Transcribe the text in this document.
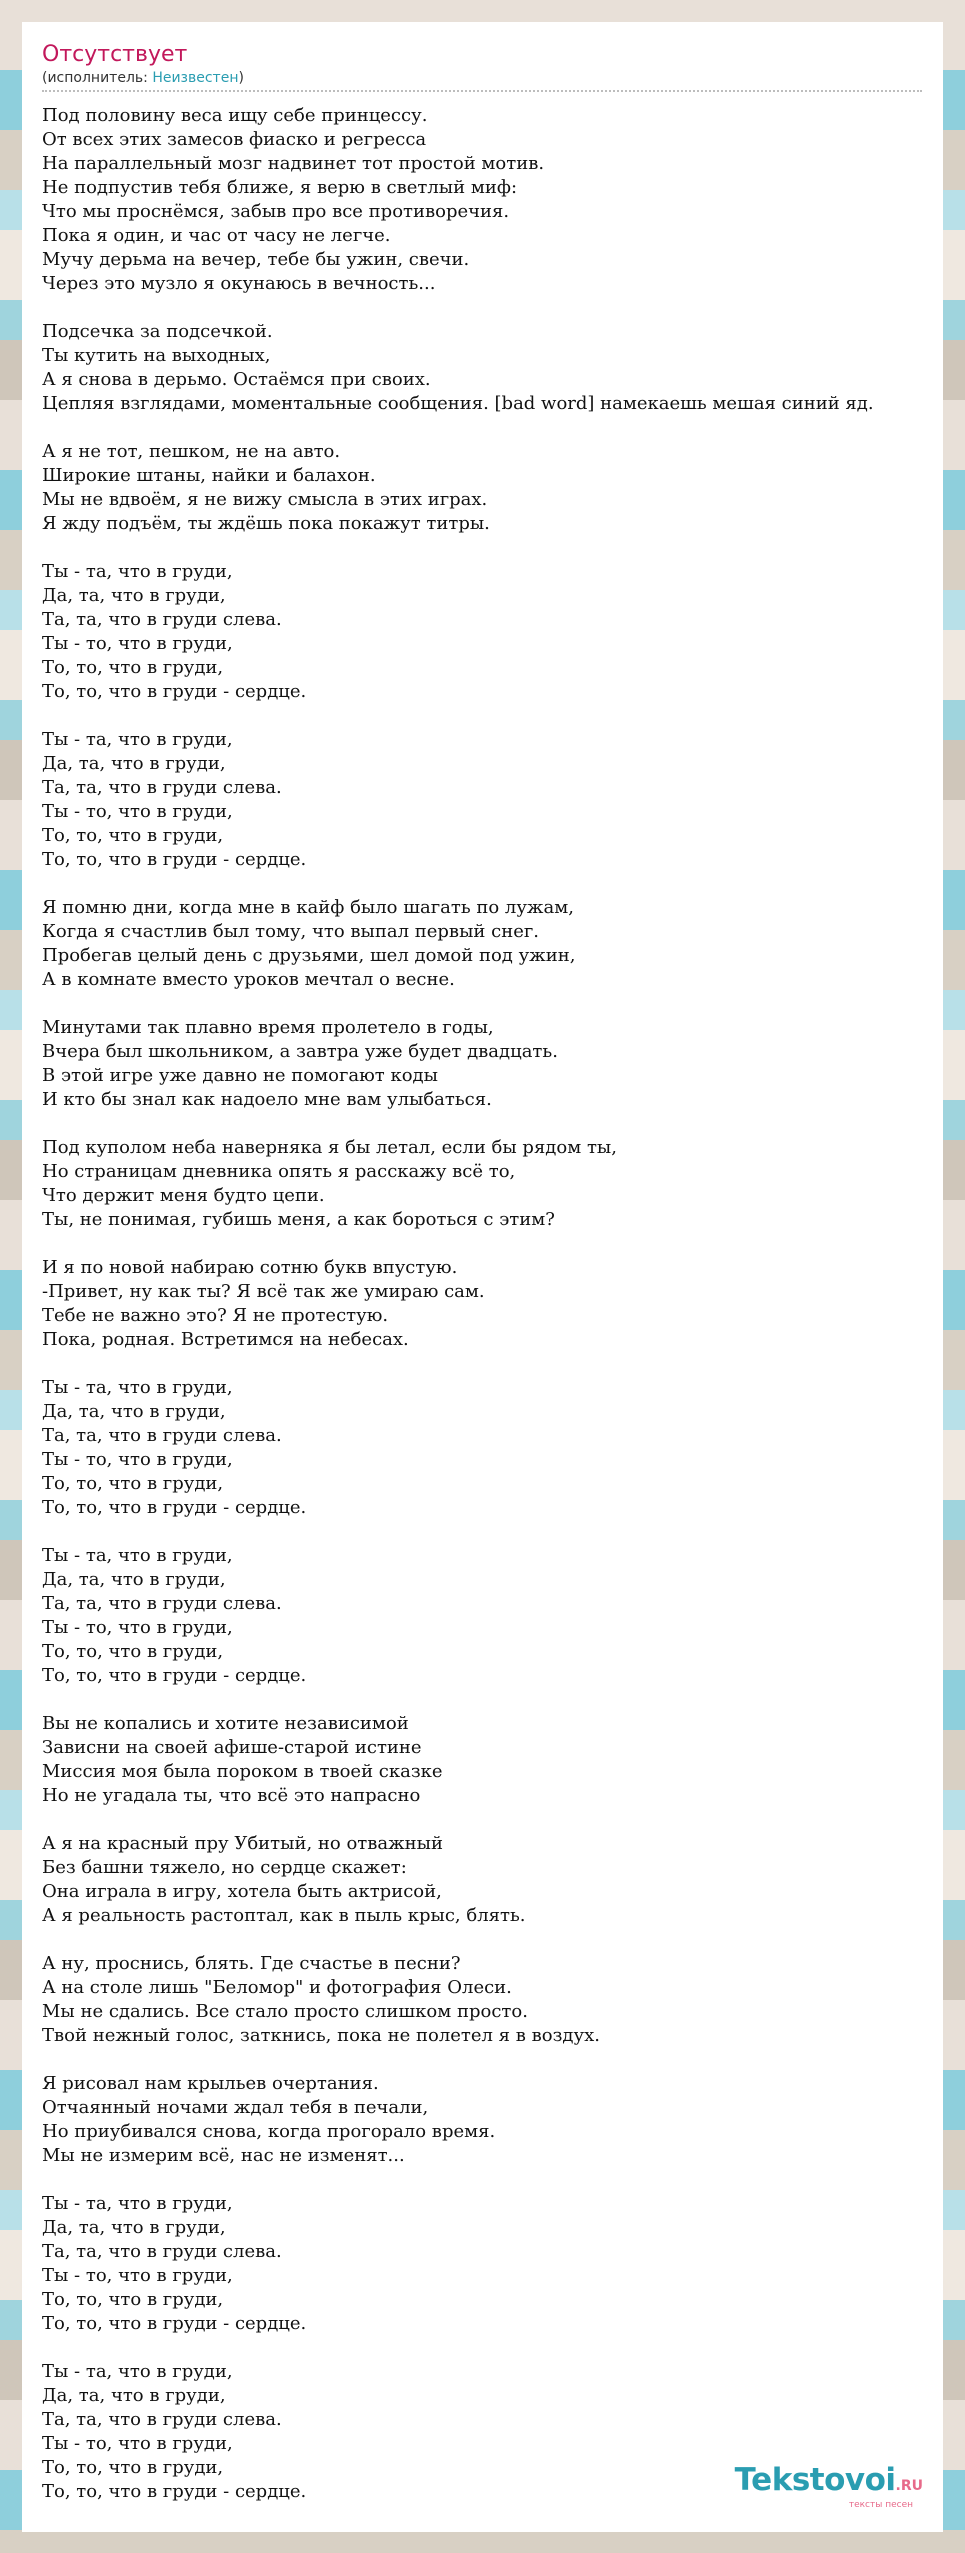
Отсутствует
(исполнитель: Неизвестен)
Под половину веса ищу себе принцессу.
От всех этих замесов фиаско и регресса
На параллельный мозг надвинет тот простой мотив.
Не подпустив тебя ближе, я верю в светлый миф:
Что мы проснёмся, забыв про все противоречия.
Пока я один, и час от часу не легче.
Мучу дерьма на вечер, тебе бы ужин, свечи.
Через это музло я окунаюсь в вечность...
Подсечка за подсечкой.
Ты кутить на выходных,
А я снова в дерьмо. Остаёмся при своих.
Цепляя взглядами, моментальные сообщения. [bad word] намекаешь мешая синий яд.
А я не тот, пешком, не на авто.
Широкие штаны, найки и балахон.
Мы не вдвоём, я не вижу смысла в этих играх.
Я жду подъём, ты ждёшь пока покажут титры.
Ты - та, что в груди,
Да, та, что в груди,
Та, та, что в груди слева.
Ты - то, что в груди,
То, то, что в груди,
То, то, что в груди - сердце.
Ты - та, что в груди,
Да, та, что в груди,
Та, та, что в груди слева.
Ты - то, что в груди,
То, то, что в груди,
То, то, что в груди - сердце.
Я помню дни, когда мне в кайф было шагать по лужам,
Когда я счастлив был тому, что выпал первый снег.
Пробегав целый день с друзьями, шел домой под ужин,
А в комнате вместо уроков мечтал о весне.
Минутами так плавно время пролетело в годы,
Вчера был школьником, а завтра уже будет двадцать.
В этой игре уже давно не помогают коды
И кто бы знал как надоело мне вам улыбаться.
Под куполом неба наверняка я бы летал, если бы рядом ты,
Но страницам дневника опять я расскажу всё то,
Что держит меня будто цепи.
Ты, не понимая, губишь меня, а как бороться с этим?
И я по новой набираю сотню букв впустую.
-Привет, ну как ты? Я всё так же умираю сам.
Тебе не важно это? Я не протестую.
Пока, родная. Встретимся на небесах.
Ты - та, что в груди,
Да, та, что в груди,
Та, та, что в груди слева.
Ты - то, что в груди,
То, то, что в груди,
То, то, что в груди - сердце.
Ты - та, что в груди,
Да, та, что в груди,
Та, та, что в груди слева.
Ты - то, что в груди,
То, то, что в груди,
То, то, что в груди - сердце.
Вы не копались и хотите независимой
Зависни на своей афише-старой истине
Миссия моя была пороком в твоей сказке
Но не угадала ты, что всё это напрасно
А я на красный пру Убитый, но отважный
Без башни тяжело, но сердце скажет:
Она играла в игру, хотела быть актрисой,
А я реальность растоптал, как в пыль крыс, блять.
А ну, проснись, блять. Где счастье в песни?
А на столе лишь "Беломор" и фотография Олеси.
Мы не сдались. Все стало просто слишком просто.
Твой нежный голос, заткнись, пока не полетел я в воздух.
Я рисовал нам крыльев очертания.
Отчаянный ночами ждал тебя в печали,
Но приубивался снова, когда прогорало время.
Мы не измерим всё, нас не изменят...
Ты - та, что в груди,
Да, та, что в груди,
Та, та, что в груди слева.
Ты - то, что в груди,
То, то, что в груди,
То, то, что в груди - сердце.
Ты - та, что в груди,
Да, та, что в груди,
Та, та, что в груди слева.
Ты - то, что в груди,
То, то, что в груди,
То, то, что в груди - сердце.	Tekstovoi.RU
тексты песен
